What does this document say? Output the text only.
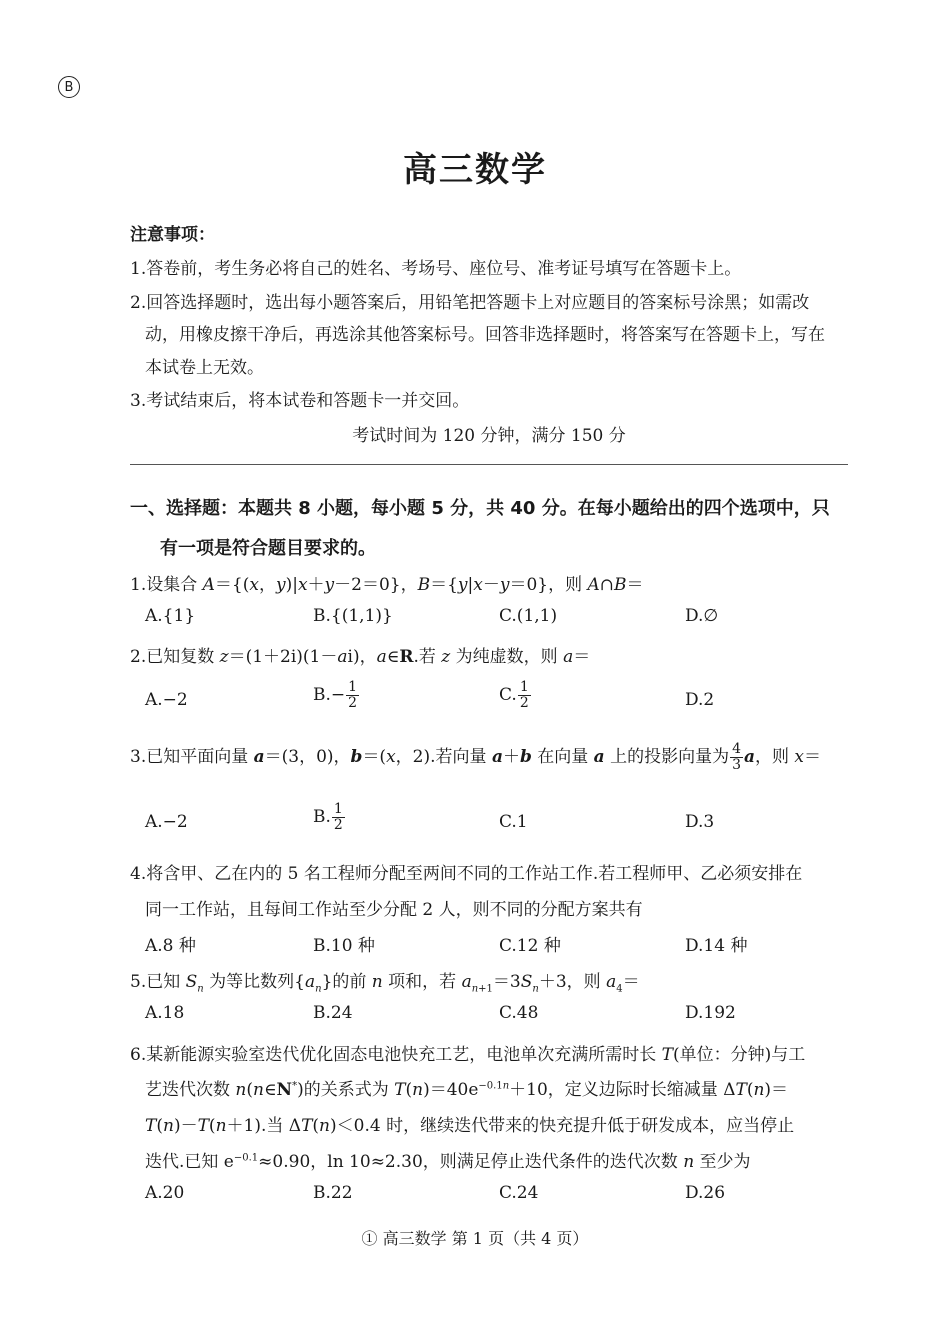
B
高三数学
注意事项：
1.答卷前，考生务必将自己的姓名、考场号、座位号、准考证号填写在答题卡上。
2.回答选择题时，选出每小题答案后，用铅笔把答题卡上对应题目的答案标号涂黑；如需改
动，用橡皮擦干净后，再选涂其他答案标号。回答非选择题时，将答案写在答题卡上，写在
本试卷上无效。
3.考试结束后，将本试卷和答题卡一并交回。
考试时间为 120 分钟，满分 150 分
一、选择题：本题共 8 小题，每小题 5 分，共 40 分。在每小题给出的四个选项中，只
有一项是符合题目要求的。
1.设集合 A＝{(x，y)|x＋y－2＝0}，B＝{y|x－y＝0}，则 A∩B＝
A.{1}	B.{(1,1)}	C.(1,1)	D.∅
2.已知复数 z＝(1＋2i)(1－ai)，a∈R.若 z 为纯虚数，则 a＝
A.−2	$B.- \frac{1}{2}$	C. $\frac{1}{2}$	D.2
3.已知平面向量 a＝(3，0)，b＝(x，2).若向量 a＋b 在向量 a 上的投影向量为 $\frac{4}{3}$ a，则 x＝
A.−2	B. $\frac{1}{2}$	C.1	D.3
4.将含甲、乙在内的 5 名工程师分配至两间不同的工作站工作.若工程师甲、乙必须安排在
同一工作站，且每间工作站至少分配 2 人，则不同的分配方案共有
A.8 种	B.10 种	C.12 种	D.14 种
5.已知 $S_n$ 为等比数列$\{a_n\}$的前 n 项和，若 $a_{n+1}=3S_n+3$，则 $a_4=$
A.18	B.24	C.48	D.192
6.某新能源实验室迭代优化固态电池快充工艺，电池单次充满所需时长 T(单位：分钟)与工
艺迭代次数 n(n∈N*)的关系式为 $T(n)=40e^{-0.1n}+10$，定义边际时长缩减量 ΔT(n)＝
T(n)－T(n＋1).当 ΔT(n)＜0.4 时，继续迭代带来的快充提升低于研发成本，应当停止
迭代.已知 $e^{-0.1}\approx 0.90$，ln 10≈2.30，则满足停止迭代条件的迭代次数 n 至少为
A.20	B.22	C.24	D.26
① 高三数学 第 1 页（共 4 页）
